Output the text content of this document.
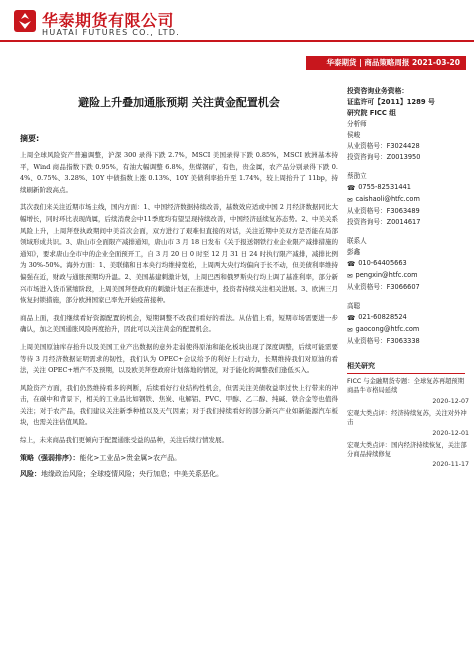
华泰期货有限公司
HUATAI FUTURES CO., LTD.
华泰期货 | 商品策略周报 2021-03-20
避险上升叠加通胀预期 关注黄金配置机会
摘要:

上周全球风险资产普遍调整，沪深 300 录得下跌 2.7%，MSCI 美国录得下跌 0.85%，MSCI 欧洲基本持平，Wind 商品指数下跌 0.95%，有油大幅调整 6.8%，焦煤钢矿，有色，贵金属，农产品分别录得下跌 0.4%、0.75%、3.28%、10Y 中债指数上涨 0.13%、10Y 美债利率抬升至 1.74%，较上周抬升了 11bp，持续刷新阶段高点。

其次我们来关注近期市场主线，国内方面：1、中国经济数据持续改善，基数效应适或中国 2 月经济数据同比大幅增长，同时环比表现尚属，后续消费会中11季度均有望呈现持续改善，中国经济延续复苏态势。2、中美关系风险上升，上周拜登执政期间中美首次会面，双方进行了艰难但直接的对话，关注近期中美双方是否能在局部领域形成共识。3、唐山市全面限产减排通知，唐山市 3 月 18 日发布《关于报送钢铁行业企业限产减排措施的通知》，要求唐山全市中的企业全面预开工，自 3 月 20 日 0 时至 12 月 31 日 24 时执行限产减排，减排比例为 30%-50%。海外方面：1、美联储和日本央行均维持宽松，上周两大央行均偏向于长不动，但美债利率维持偏强在近，财政与通胀预期均升温。2、美国基建刺激计划，上周巴西和俄罗斯央行均上调了基准利率，部分新兴市场进入货币紧缩阶段，上周美国拜登政府的刺激计划正在推进中，投资者持续关注相关进展。3、欧洲三月恢复封锁措施，部分欧洲国家已率先开始疫苗接种。

商品上面，我们继续看好资源配置的机会，短期调整不改我们看好的看法。从估值上看，短期市场需要进一步确认，加之美国通胀风险再度抬升，因此可以关注黄金的配置机会。

上周美国原油库存抬升以及美国工业产出数据的意外走弱使得原油和能化板块出现了深度调整，后续可能需要等待 3 月经济数据证明需求的韧性，我们认为 OPEC+会议给予的利好上行动力，长期维持我们对原油的看法，关注 OPEC+增产不及预期，以及欧美拜登政府计划落地的情况，对于能化的调整我们逢低买入。

风险资产方面，我们仍然维持看多的判断，后续看好行业结构性机会，但需关注美债收益率过快上行带来的冲击，在碳中和背景下，相关的工业品比如钢铁、焦炭、电解铝、PVC、甲醇、乙二醇、纯碱、铁合金等也值得关注；对于农产品，我们建议关注新季种植以及天气因素；对于我们持续看好的部分新兴产业如新能源汽车板块，也需关注估值风险。

综上，未来商品我们更倾向于配置通胀受益的品种，关注后续行情发展。

策略（强弱排序）：能化>工业品>贵金属>农产品。
风险：地缘政治风险；全球疫情风险；央行加息；中美关系恶化。
投资咨询业务资格：
证监许可【2011】1289 号
研究院 FICC 组
分析师
侯峻
从业资格号：F3024428
投资咨询号：Z0013950
蔡劭立
☎ 0755-82531441
✉ caishaoli@htfc.com
从业资格号：F3063489
投资咨询号：Z0014617
联系人
彭鑫
☎ 010-64405663
✉ pengxin@htfc.com
从业资格号：F3066607
高聪
☎ 021-60828524
✉ gaocong@htfc.com
从业资格号：F3063338
相关研究
FICC 与金融期货专题：全球复苏再超预期 商品牛市格局延续
2020-12-07
宏观大类点评：经济持续复苏，关注对外冲击
2020-12-01
宏观大类点评：国内经济持续恢复，关注部分商品持续修复
2020-11-17
